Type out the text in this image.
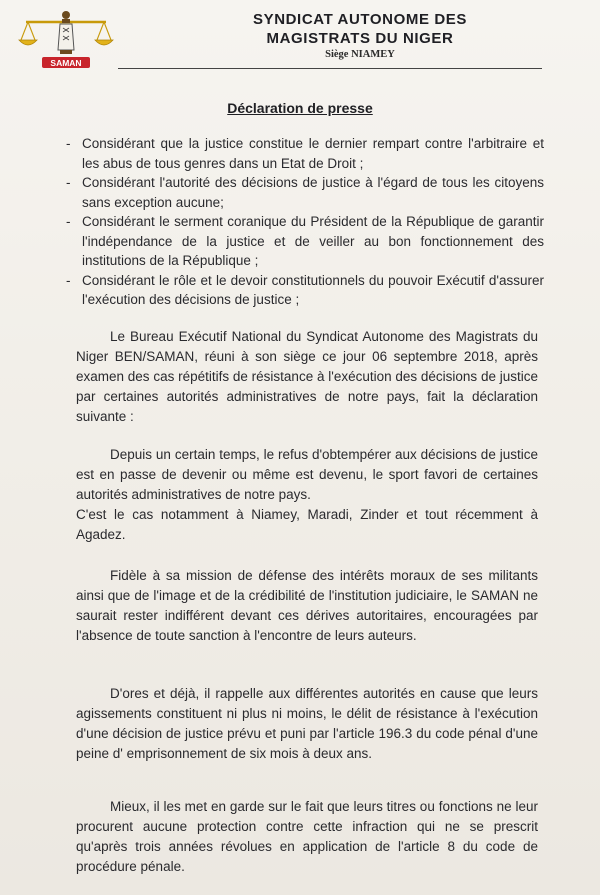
SAMAN
SYNDICAT AUTONOME DES
MAGISTRATS DU NIGER
Siège NIAMEY
Déclaration de presse
- Considérant que la justice constitue le dernier rempart contre l'arbitraire et les abus de tous genres dans un Etat de Droit ;
- Considérant l'autorité des décisions de justice à l'égard de tous les citoyens sans exception aucune;
- Considérant le serment coranique du Président de la République de garantir l'indépendance de la justice et de veiller au bon fonctionnement des institutions de la République ;
- Considérant le rôle et le devoir constitutionnels du pouvoir Exécutif d'assurer l'exécution des décisions de justice ;

Le Bureau Exécutif National du Syndicat Autonome des Magistrats du Niger BEN/SAMAN, réuni à son siège ce jour 06 septembre 2018, après examen des cas répétitifs de résistance à l'exécution des décisions de justice par certaines autorités administratives de notre pays, fait la déclaration suivante :

Depuis un certain temps, le refus d'obtempérer aux décisions de justice est en passe de devenir ou même est devenu, le sport favori de certaines autorités administratives de notre pays.

C'est le cas notamment à Niamey, Maradi, Zinder et tout récemment à Agadez.

Fidèle à sa mission de défense des intérêts moraux de ses militants ainsi que de l'image et de la crédibilité de l'institution judiciaire, le SAMAN ne saurait rester indifférent devant ces dérives autoritaires, encouragées par l'absence de toute sanction à l'encontre de leurs auteurs.

D'ores et déjà, il rappelle aux différentes autorités en cause que leurs agissements constituent ni plus ni moins, le délit de résistance à l'exécution d'une décision de justice prévu et puni par l'article 196.3 du code pénal d'une peine d' emprisonnement de six mois à deux ans.

Mieux, il les met en garde sur le fait que leurs titres ou fonctions ne leur procurent aucune protection contre cette infraction qui ne se prescrit qu'après trois années révolues en application de l'article 8 du code de procédure pénale.
